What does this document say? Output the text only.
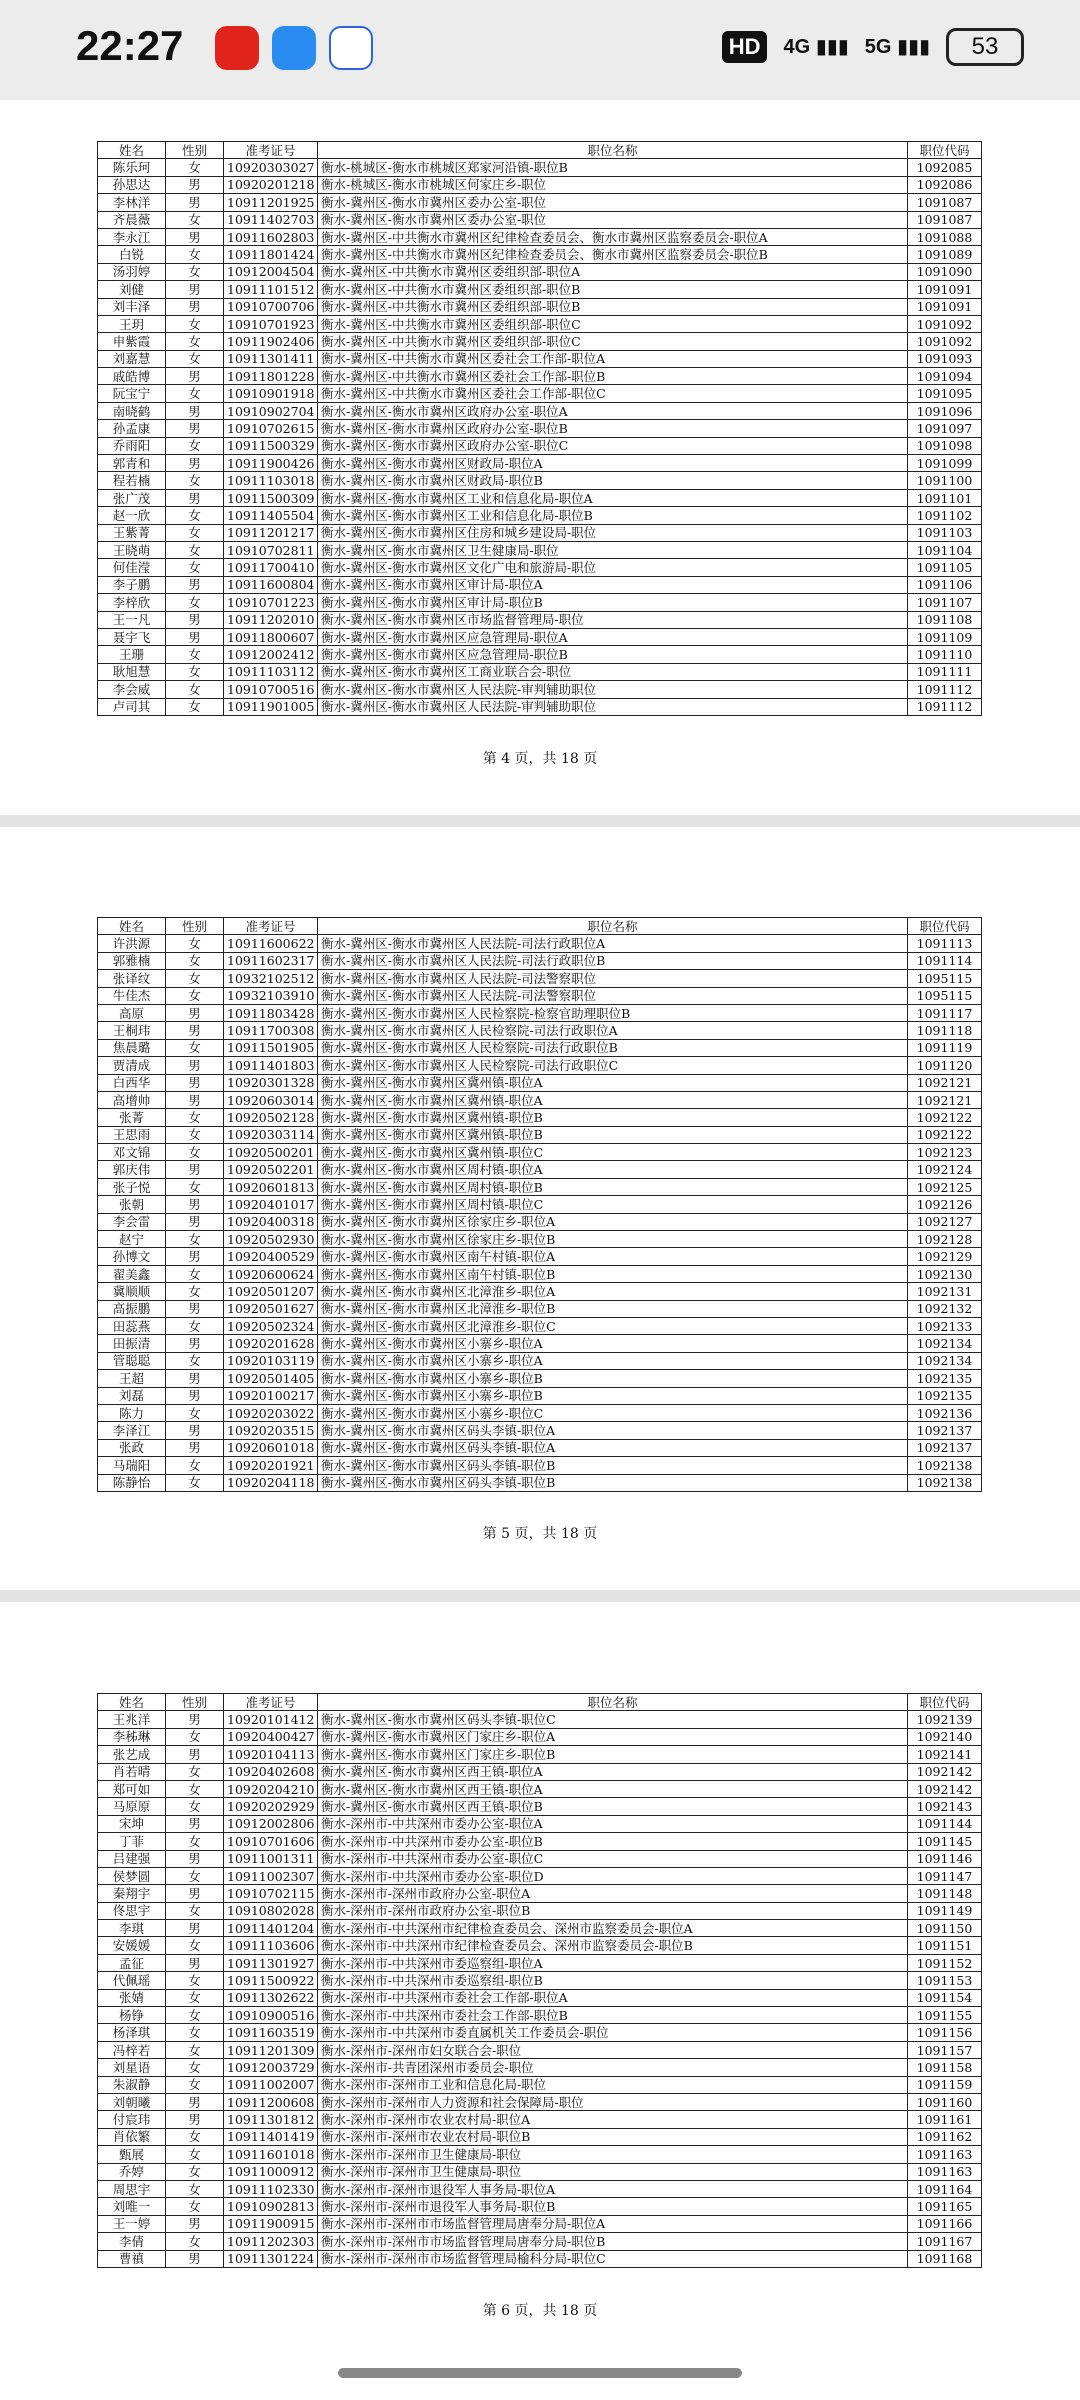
22:27	HD	4G ▮▮▮ 5G ▮▮▮	53
姓名	性别	准考证号	职位名称	职位代码
陈乐珂	女	10920303027	衡水-桃城区-衡水市桃城区郑家河沿镇-职位B	1092085
孙思达	男	10920201218	衡水-桃城区-衡水市桃城区何家庄乡-职位	1092086
李林洋	男	10911201925	衡水-冀州区-衡水市冀州区委办公室-职位	1091087
齐晨薇	女	10911402703	衡水-冀州区-衡水市冀州区委办公室-职位	1091087
李永江	男	10911602803	衡水-冀州区-中共衡水市冀州区纪律检查委员会、衡水市冀州区监察委员会-职位A	1091088
白锐	女	10911801424	衡水-冀州区-中共衡水市冀州区纪律检查委员会、衡水市冀州区监察委员会-职位B	1091089
汤羽婷	女	10912004504	衡水-冀州区-中共衡水市冀州区委组织部-职位A	1091090
刘健	男	10911101512	衡水-冀州区-中共衡水市冀州区委组织部-职位B	1091091
刘丰泽	男	10910700706	衡水-冀州区-中共衡水市冀州区委组织部-职位B	1091091
王玥	女	10910701923	衡水-冀州区-中共衡水市冀州区委组织部-职位C	1091092
申紫霞	女	10911902406	衡水-冀州区-中共衡水市冀州区委组织部-职位C	1091092
刘嘉慧	女	10911301411	衡水-冀州区-中共衡水市冀州区委社会工作部-职位A	1091093
戚皓博	男	10911801228	衡水-冀州区-中共衡水市冀州区委社会工作部-职位B	1091094
阮宝宁	女	10910901918	衡水-冀州区-中共衡水市冀州区委社会工作部-职位C	1091095
南晓鹤	男	10910902704	衡水-冀州区-衡水市冀州区政府办公室-职位A	1091096
孙孟康	男	10910702615	衡水-冀州区-衡水市冀州区政府办公室-职位B	1091097
乔雨阳	女	10911500329	衡水-冀州区-衡水市冀州区政府办公室-职位C	1091098
郭青和	男	10911900426	衡水-冀州区-衡水市冀州区财政局-职位A	1091099
程若楠	女	10911103018	衡水-冀州区-衡水市冀州区财政局-职位B	1091100
张广茂	男	10911500309	衡水-冀州区-衡水市冀州区工业和信息化局-职位A	1091101
赵一欣	女	10911405504	衡水-冀州区-衡水市冀州区工业和信息化局-职位B	1091102
王紫菁	女	10911201217	衡水-冀州区-衡水市冀州区住房和城乡建设局-职位	1091103
王晓萌	女	10910702811	衡水-冀州区-衡水市冀州区卫生健康局-职位	1091104
何佳滢	女	10911700410	衡水-冀州区-衡水市冀州区文化广电和旅游局-职位	1091105
李子鹏	男	10911600804	衡水-冀州区-衡水市冀州区审计局-职位A	1091106
李梓欣	女	10910701223	衡水-冀州区-衡水市冀州区审计局-职位B	1091107
王一凡	男	10911202010	衡水-冀州区-衡水市冀州区市场监督管理局-职位	1091108
聂宇飞	男	10911800607	衡水-冀州区-衡水市冀州区应急管理局-职位A	1091109
王珊	女	10912002412	衡水-冀州区-衡水市冀州区应急管理局-职位B	1091110
耿旭慧	女	10911103112	衡水-冀州区-衡水市冀州区工商业联合会-职位	1091111
李会威	女	10910700516	衡水-冀州区-衡水市冀州区人民法院-审判辅助职位	1091112
卢司其	女	10911901005	衡水-冀州区-衡水市冀州区人民法院-审判辅助职位	1091112
第 4 页，共 18 页
姓名	性别	准考证号	职位名称	职位代码
许洪源	女	10911600622	衡水-冀州区-衡水市冀州区人民法院-司法行政职位A	1091113
郭雅楠	女	10911602317	衡水-冀州区-衡水市冀州区人民法院-司法行政职位B	1091114
张译纹	女	10932102512	衡水-冀州区-衡水市冀州区人民法院-司法警察职位	1095115
牛佳杰	女	10932103910	衡水-冀州区-衡水市冀州区人民法院-司法警察职位	1095115
高原	男	10911803428	衡水-冀州区-衡水市冀州区人民检察院-检察官助理职位B	1091117
王桐玮	男	10911700308	衡水-冀州区-衡水市冀州区人民检察院-司法行政职位A	1091118
焦晨璐	女	10911501905	衡水-冀州区-衡水市冀州区人民检察院-司法行政职位B	1091119
贾清成	男	10911401803	衡水-冀州区-衡水市冀州区人民检察院-司法行政职位C	1091120
白西华	男	10920301328	衡水-冀州区-衡水市冀州区冀州镇-职位A	1092121
高增帅	男	10920603014	衡水-冀州区-衡水市冀州区冀州镇-职位A	1092121
张菁	女	10920502128	衡水-冀州区-衡水市冀州区冀州镇-职位B	1092122
王思雨	女	10920303114	衡水-冀州区-衡水市冀州区冀州镇-职位B	1092122
邓文锦	女	10920500201	衡水-冀州区-衡水市冀州区冀州镇-职位C	1092123
郭庆伟	男	10920502201	衡水-冀州区-衡水市冀州区周村镇-职位A	1092124
张子悦	女	10920601813	衡水-冀州区-衡水市冀州区周村镇-职位B	1092125
张朝	男	10920401017	衡水-冀州区-衡水市冀州区周村镇-职位C	1092126
李会雷	男	10920400318	衡水-冀州区-衡水市冀州区徐家庄乡-职位A	1092127
赵宁	女	10920502930	衡水-冀州区-衡水市冀州区徐家庄乡-职位B	1092128
孙博文	男	10920400529	衡水-冀州区-衡水市冀州区南午村镇-职位A	1092129
翟美鑫	女	10920600624	衡水-冀州区-衡水市冀州区南午村镇-职位B	1092130
冀顺顺	女	10920501207	衡水-冀州区-衡水市冀州区北漳淮乡-职位A	1092131
高振鹏	男	10920501627	衡水-冀州区-衡水市冀州区北漳淮乡-职位B	1092132
田蕊燕	女	10920502324	衡水-冀州区-衡水市冀州区北漳淮乡-职位C	1092133
田振清	男	10920201628	衡水-冀州区-衡水市冀州区小寨乡-职位A	1092134
管聪聪	女	10920103119	衡水-冀州区-衡水市冀州区小寨乡-职位A	1092134
王超	男	10920501405	衡水-冀州区-衡水市冀州区小寨乡-职位B	1092135
刘磊	男	10920100217	衡水-冀州区-衡水市冀州区小寨乡-职位B	1092135
陈力	女	10920203022	衡水-冀州区-衡水市冀州区小寨乡-职位C	1092136
李泽江	男	10920203515	衡水-冀州区-衡水市冀州区码头李镇-职位A	1092137
张政	男	10920601018	衡水-冀州区-衡水市冀州区码头李镇-职位A	1092137
马瑞阳	女	10920201921	衡水-冀州区-衡水市冀州区码头李镇-职位B	1092138
陈静怡	女	10920204118	衡水-冀州区-衡水市冀州区码头李镇-职位B	1092138
第 5 页，共 18 页
姓名	性别	准考证号	职位名称	职位代码
王兆洋	男	10920101412	衡水-冀州区-衡水市冀州区码头李镇-职位C	1092139
李秭琳	女	10920400427	衡水-冀州区-衡水市冀州区门家庄乡-职位A	1092140
张艺成	男	10920104113	衡水-冀州区-衡水市冀州区门家庄乡-职位B	1092141
肖若晴	女	10920402608	衡水-冀州区-衡水市冀州区西王镇-职位A	1092142
郑可如	女	10920204210	衡水-冀州区-衡水市冀州区西王镇-职位A	1092142
马原原	女	10920202929	衡水-冀州区-衡水市冀州区西王镇-职位B	1092143
宋坤	男	10912002806	衡水-深州市-中共深州市委办公室-职位A	1091144
丁菲	女	10910701606	衡水-深州市-中共深州市委办公室-职位B	1091145
吕建强	男	10911001311	衡水-深州市-中共深州市委办公室-职位C	1091146
侯梦圆	女	10911002307	衡水-深州市-中共深州市委办公室-职位D	1091147
秦翔宇	男	10910702115	衡水-深州市-深州市政府办公室-职位A	1091148
佟思宇	女	10910802028	衡水-深州市-深州市政府办公室-职位B	1091149
李琪	男	10911401204	衡水-深州市-中共深州市纪律检查委员会、深州市监察委员会-职位A	1091150
安媛媛	女	10911103606	衡水-深州市-中共深州市纪律检查委员会、深州市监察委员会-职位B	1091151
孟征	男	10911301927	衡水-深州市-中共深州市委巡察组-职位A	1091152
代佩瑶	女	10911500922	衡水-深州市-中共深州市委巡察组-职位B	1091153
张婧	女	10911302622	衡水-深州市-中共深州市委社会工作部-职位A	1091154
杨铮	女	10910900516	衡水-深州市-中共深州市委社会工作部-职位B	1091155
杨泽琪	女	10911603519	衡水-深州市-中共深州市委直属机关工作委员会-职位	1091156
冯梓若	女	10911201309	衡水-深州市-深州市妇女联合会-职位	1091157
刘星语	女	10912003729	衡水-深州市-共青团深州市委员会-职位	1091158
朱淑静	女	10911002007	衡水-深州市-深州市工业和信息化局-职位	1091159
刘朝曦	男	10911200608	衡水-深州市-深州市人力资源和社会保障局-职位	1091160
付宸玮	男	10911301812	衡水-深州市-深州市农业农村局-职位A	1091161
肖依繁	女	10911401419	衡水-深州市-深州市农业农村局-职位B	1091162
甄展	女	10911601018	衡水-深州市-深州市卫生健康局-职位	1091163
乔婷	女	10911000912	衡水-深州市-深州市卫生健康局-职位	1091163
周思宇	女	10911102330	衡水-深州市-深州市退役军人事务局-职位A	1091164
刘唯一	女	10910902813	衡水-深州市-深州市退役军人事务局-职位B	1091165
王一婷	男	10911900915	衡水-深州市-深州市市场监督管理局唐奉分局-职位A	1091166
李倩	女	10911202303	衡水-深州市-深州市市场监督管理局唐奉分局-职位B	1091167
曹禛	男	10911301224	衡水-深州市-深州市市场监督管理局榆科分局-职位C	1091168
第 6 页，共 18 页
